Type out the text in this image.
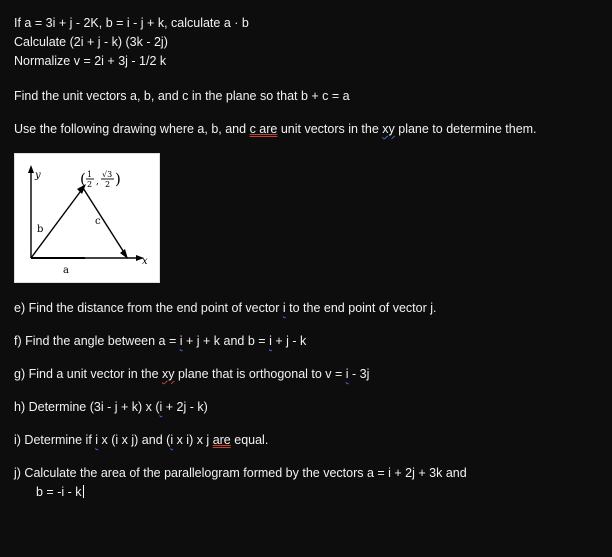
If a = 3i + j - 2K, b = i - j + k, calculate a · b
Calculate (2i + j - k) (3k - 2j)
Normalize v = 2i + 3j - 1/2 k
Find the unit vectors a, b, and c in the plane so that b + c = a
Use the following drawing where a, b, and c are unit vectors in the xy plane to determine them.
y
x
b
c
a
( 1
2 ,
√3
2 )
e) Find the distance from the end point of vector i to the end point of vector j.
f) Find the angle between a = i + j + k and b = i + j - k
g) Find a unit vector in the xy plane that is orthogonal to v = i - 3j
h) Determine (3i - j + k) x (i + 2j - k)
i) Determine if i x (i x j) and (i x i) x j are equal.
j) Calculate the area of the parallelogram formed by the vectors a = i + 2j + 3k and
b = -i - k
